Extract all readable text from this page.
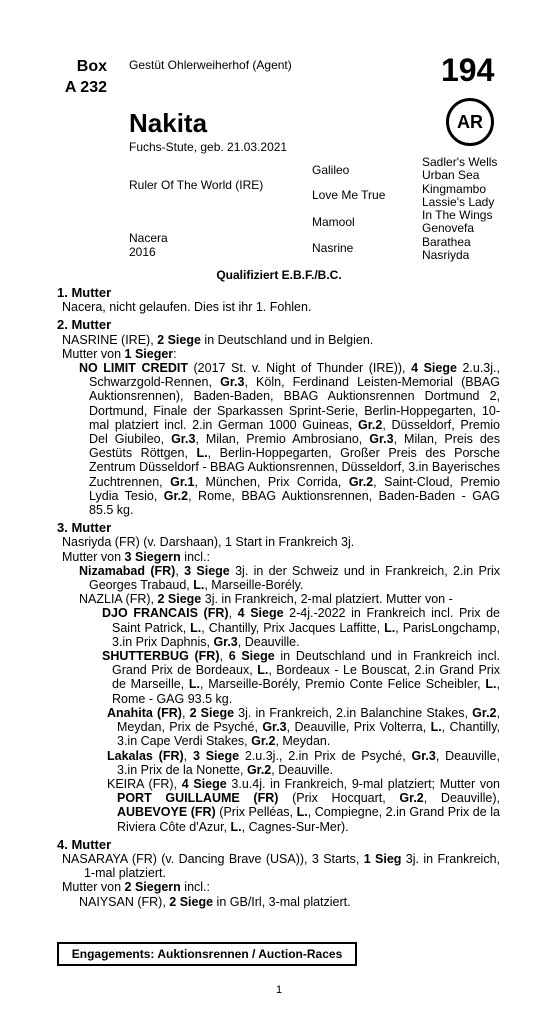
Box
A 232
Gestüt Ohlerweiherhof (Agent)	194
AR
Nakita
Fuchs-Stute, geb. 21.03.2021
Ruler Of The World (IRE)
Nacera
2016
Galileo
Love Me True
Mamool
Nasrine
Sadler's Wells
Urban Sea
Kingmambo
Lassie's Lady
In The Wings
Genovefa
Barathea
Nasriyda
Qualifiziert E.B.F./B.C.
1. Mutter
Nacera, nicht gelaufen. Dies ist ihr 1. Fohlen.
2. Mutter
NASRINE (IRE), 2 Siege in Deutschland und in Belgien.
Mutter von 1 Sieger:
NO LIMIT CREDIT (2017 St. v. Night of Thunder (IRE)), 4 Siege 2.u.3j., Schwarzgold-Rennen, Gr.3, Köln, Ferdinand Leisten-Memorial (BBAG Auktionsrennen), Baden-Baden, BBAG Auktionsrennen Dortmund 2, Dortmund, Finale der Sparkassen Sprint-Serie, Berlin-Hoppegarten, 10-mal platziert incl. 2.in German 1000 Guineas, Gr.2, Düsseldorf, Premio Del Giubileo, Gr.3, Milan, Premio Ambrosiano, Gr.3, Milan, Preis des Gestüts Röttgen, L., Berlin-Hoppegarten, Großer Preis des Porsche Zentrum Düsseldorf - BBAG Auktionsrennen, Düsseldorf, 3.in Bayerisches Zuchtrennen, Gr.1, München, Prix Corrida, Gr.2, Saint-Cloud, Premio Lydia Tesio, Gr.2, Rome, BBAG Auktionsrennen, Baden-Baden - GAG 85.5 kg.
3. Mutter
Nasriyda (FR) (v. Darshaan), 1 Start in Frankreich 3j.
Mutter von 3 Siegern incl.:
Nizamabad (FR), 3 Siege 3j. in der Schweiz und in Frankreich, 2.in Prix Georges Trabaud, L., Marseille-Borély.
NAZLIA (FR), 2 Siege 3j. in Frankreich, 2-mal platziert. Mutter von -
DJO FRANCAIS (FR), 4 Siege 2-4j.-2022 in Frankreich incl. Prix de Saint Patrick, L., Chantilly, Prix Jacques Laffitte, L., ParisLongchamp, 3.in Prix Daphnis, Gr.3, Deauville.
SHUTTERBUG (FR), 6 Siege in Deutschland und in Frankreich incl. Grand Prix de Bordeaux, L., Bordeaux - Le Bouscat, 2.in Grand Prix de Marseille, L., Marseille-Borély, Premio Conte Felice Scheibler, L., Rome - GAG 93.5 kg.
Anahita (FR), 2 Siege 3j. in Frankreich, 2.in Balanchine Stakes, Gr.2, Meydan, Prix de Psyché, Gr.3, Deauville, Prix Volterra, L., Chantilly, 3.in Cape Verdi Stakes, Gr.2, Meydan.
Lakalas (FR), 3 Siege 2.u.3j., 2.in Prix de Psyché, Gr.3, Deauville, 3.in Prix de la Nonette, Gr.2, Deauville.
KEIRA (FR), 4 Siege 3.u.4j. in Frankreich, 9-mal platziert; Mutter von PORT GUILLAUME (FR) (Prix Hocquart, Gr.2, Deauville), AUBEVOYE (FR) (Prix Pelléas, L., Compiegne, 2.in Grand Prix de la Riviera Côte d'Azur, L., Cagnes-Sur-Mer).
4. Mutter
NASARAYA (FR) (v. Dancing Brave (USA)), 3 Starts, 1 Sieg 3j. in Frankreich, 1-mal platziert.
Mutter von 2 Siegern incl.:
NAIYSAN (FR), 2 Siege in GB/Irl, 3-mal platziert.
Engagements: Auktionsrennen / Auction-Races
1
